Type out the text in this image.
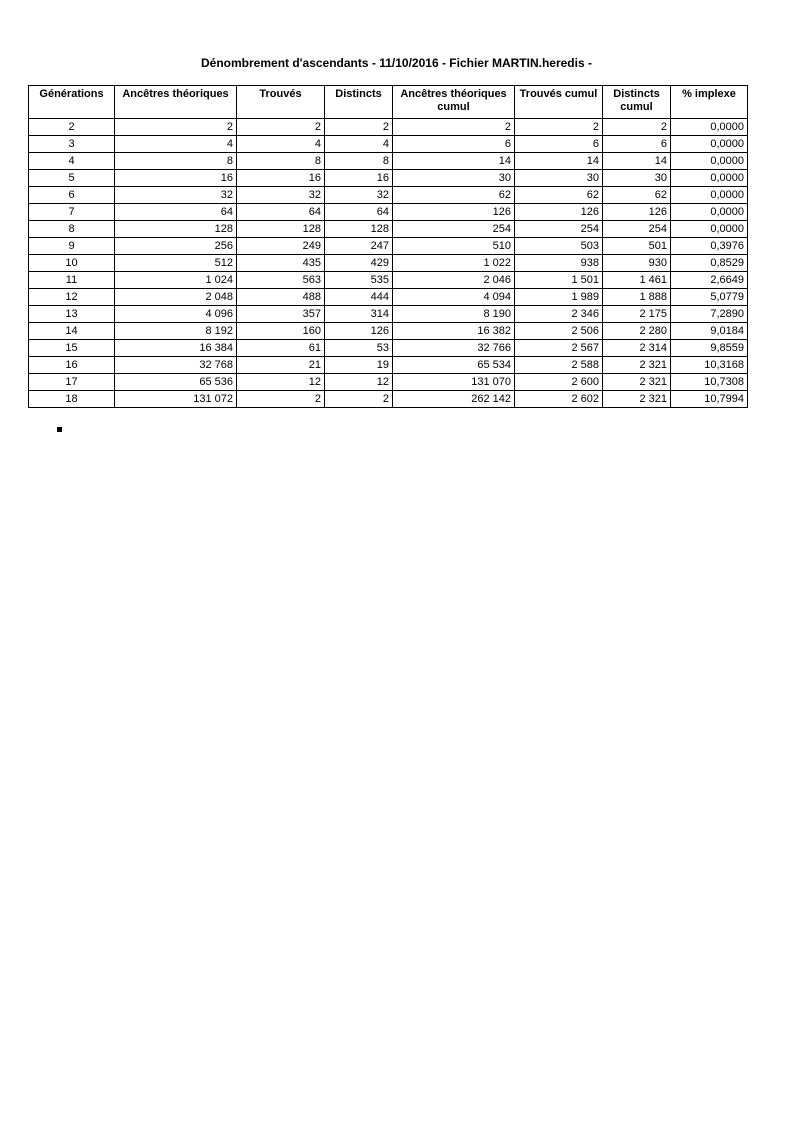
Dénombrement d'ascendants - 11/10/2016 - Fichier MARTIN.heredis -
Générations	Ancêtres théoriques	Trouvés	Distincts	Ancêtres théoriques cumul	Trouvés cumul	Distincts cumul	% implexe
2	2	2	2	2	2	2	0,0000
3	4	4	4	6	6	6	0,0000
4	8	8	8	14	14	14	0,0000
5	16	16	16	30	30	30	0,0000
6	32	32	32	62	62	62	0,0000
7	64	64	64	126	126	126	0,0000
8	128	128	128	254	254	254	0,0000
9	256	249	247	510	503	501	0,3976
10	512	435	429	1 022	938	930	0,8529
11	1 024	563	535	2 046	1 501	1 461	2,6649
12	2 048	488	444	4 094	1 989	1 888	5,0779
13	4 096	357	314	8 190	2 346	2 175	7,2890
14	8 192	160	126	16 382	2 506	2 280	9,0184
15	16 384	61	53	32 766	2 567	2 314	9,8559
16	32 768	21	19	65 534	2 588	2 321	10,3168
17	65 536	12	12	131 070	2 600	2 321	10,7308
18	131 072	2	2	262 142	2 602	2 321	10,7994
